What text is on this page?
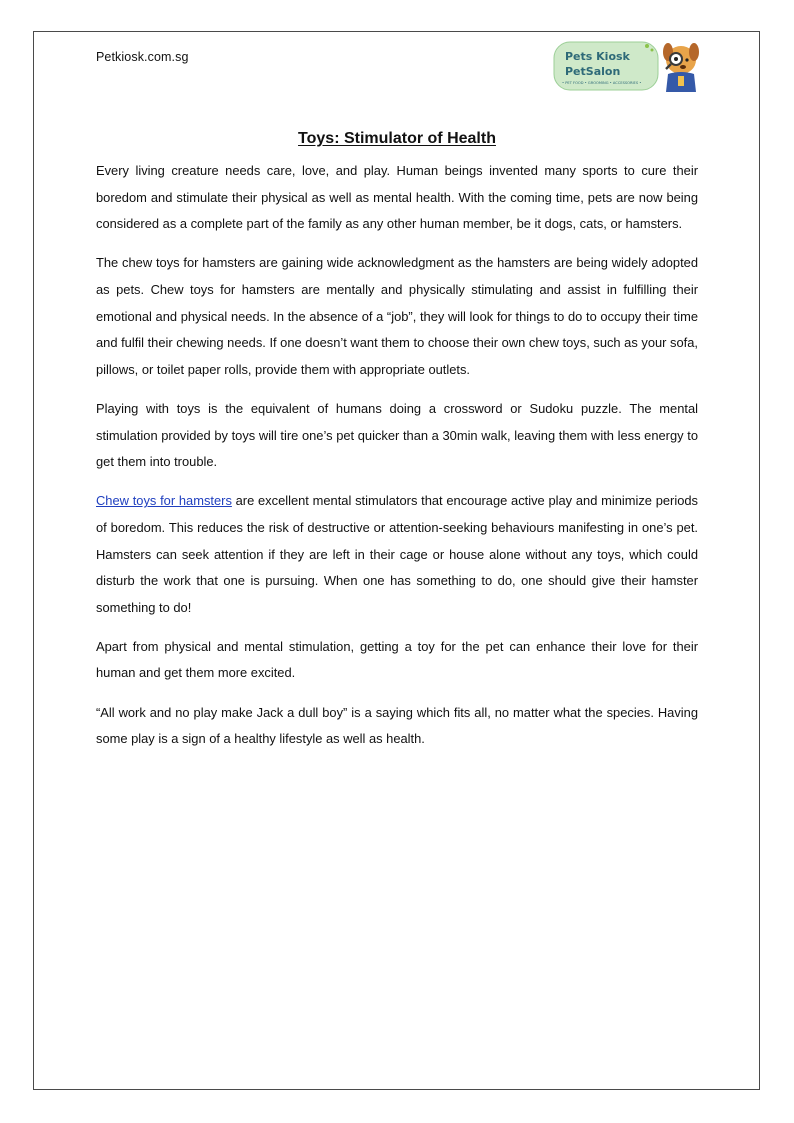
Petkiosk.com.sg	Pets Kiosk
PetSalon
• PET FOOD • GROOMING • ACCESSORIES •
Toys: Stimulator of Health

Every living creature needs care, love, and play. Human beings invented many sports to cure their boredom and stimulate their physical as well as mental health. With the coming time, pets are now being considered as a complete part of the family as any other human member, be it dogs, cats, or hamsters.

The chew toys for hamsters are gaining wide acknowledgment as the hamsters are being widely adopted as pets. Chew toys for hamsters are mentally and physically stimulating and assist in fulfilling their emotional and physical needs. In the absence of a “job”, they will look for things to do to occupy their time and fulfil their chewing needs. If one doesn’t want them to choose their own chew toys, such as your sofa, pillows, or toilet paper rolls, provide them with appropriate outlets.

Playing with toys is the equivalent of humans doing a crossword or Sudoku puzzle. The mental stimulation provided by toys will tire one’s pet quicker than a 30min walk, leaving them with less energy to get them into trouble.

Chew toys for hamsters are excellent mental stimulators that encourage active play and minimize periods of boredom. This reduces the risk of destructive or attention-seeking behaviours manifesting in one’s pet. Hamsters can seek attention if they are left in their cage or house alone without any toys, which could disturb the work that one is pursuing. When one has something to do, one should give their hamster something to do!

Apart from physical and mental stimulation, getting a toy for the pet can enhance their love for their human and get them more excited.

“All work and no play make Jack a dull boy” is a saying which fits all, no matter what the species. Having some play is a sign of a healthy lifestyle as well as health.
